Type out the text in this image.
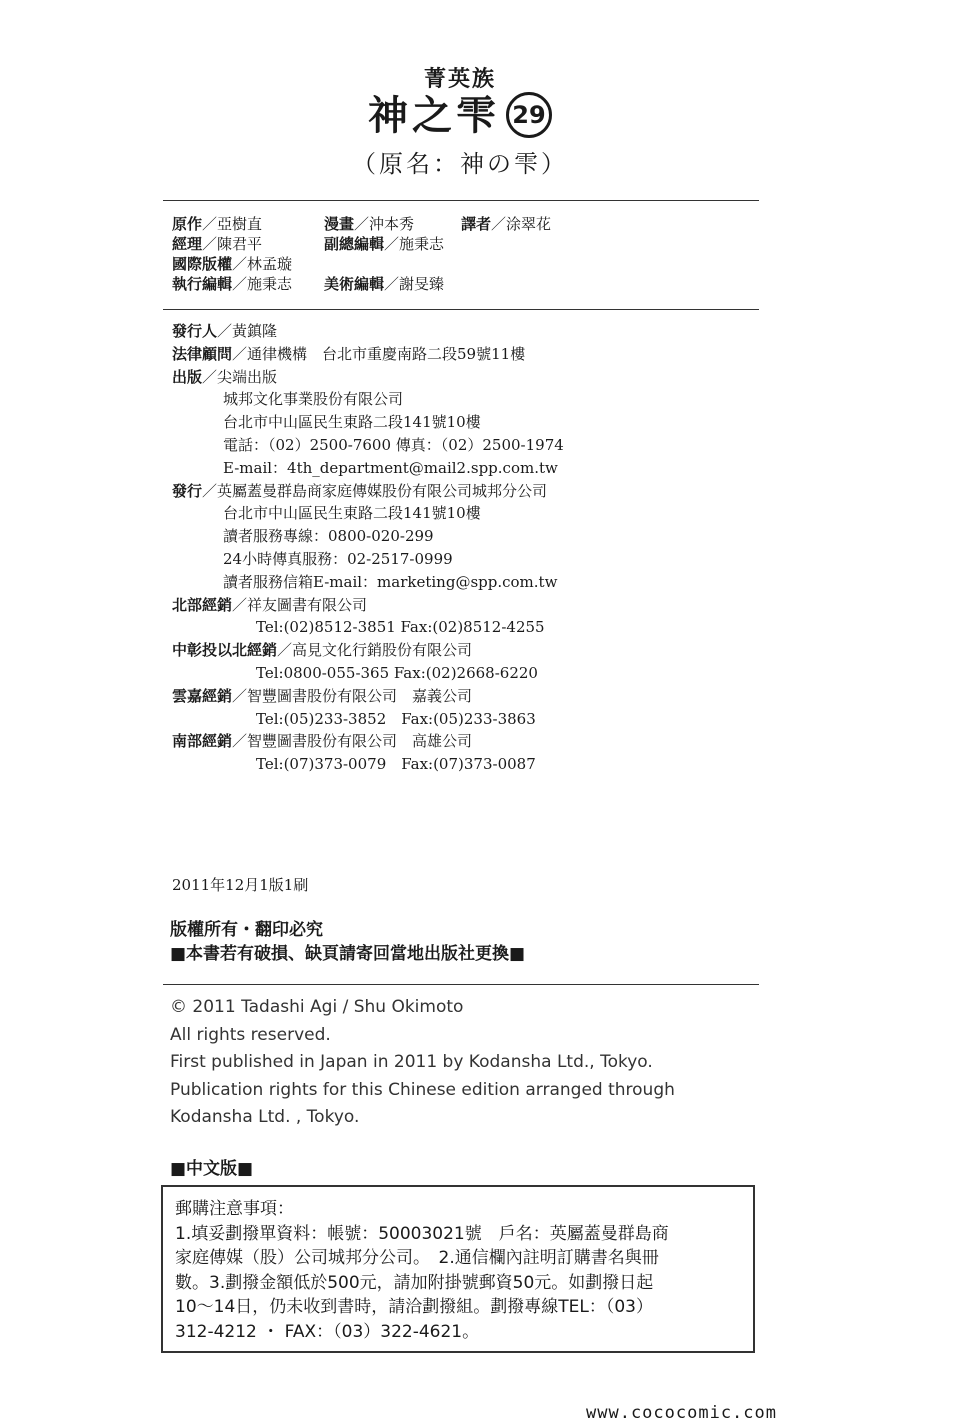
菁英族
神之雫 29
（原名：神の雫）
原作／亞樹直	漫畫／沖本秀	譯者／涂翠花
經理／陳君平	副總編輯／施秉志
國際版權／林孟璇
執行編輯／施秉志 美術編輯／謝旻臻
發行人／黃鎮隆
法律顧問／通律機構　台北市重慶南路二段59號11樓
出版／尖端出版
城邦文化事業股份有限公司
台北市中山區民生東路二段141號10樓
電話：（02）2500-7600 傳真：（02）2500-1974
E-mail：4th_department@mail2.spp.com.tw
發行／英屬蓋曼群島商家庭傳媒股份有限公司城邦分公司
台北市中山區民生東路二段141號10樓
讀者服務專線：0800-020-299
24小時傳真服務：02-2517-0999
讀者服務信箱E-mail：marketing@spp.com.tw
北部經銷／祥友圖書有限公司
Tel:(02)8512-3851 Fax:(02)8512-4255
中彰投以北經銷／高見文化行銷股份有限公司
Tel:0800-055-365 Fax:(02)2668-6220
雲嘉經銷／智豐圖書股份有限公司　嘉義公司
Tel:(05)233-3852　Fax:(05)233-3863
南部經銷／智豐圖書股份有限公司　高雄公司
Tel:(07)373-0079　Fax:(07)373-0087
2011年12月1版1刷
版權所有・翻印必究
■本書若有破損、缺頁請寄回當地出版社更換■
© 2011 Tadashi Agi / Shu Okimoto
All rights reserved.
First published in Japan in 2011 by Kodansha Ltd., Tokyo.
Publication rights for this Chinese edition arranged through
Kodansha Ltd. , Tokyo.
■中文版■
郵購注意事項：
1.填妥劃撥單資料：帳號：50003021號　戶名：英屬蓋曼群島商
家庭傳媒（股）公司城邦分公司。　2.通信欄內註明訂購書名與冊
數。3.劃撥金額低於500元，請加附掛號郵資50元。如劃撥日起
10～14日，仍未收到書時，請洽劃撥組。劃撥專線TEL：（03）
312-4212 ・ FAX：（03）322-4621。
www.cococomic.com
